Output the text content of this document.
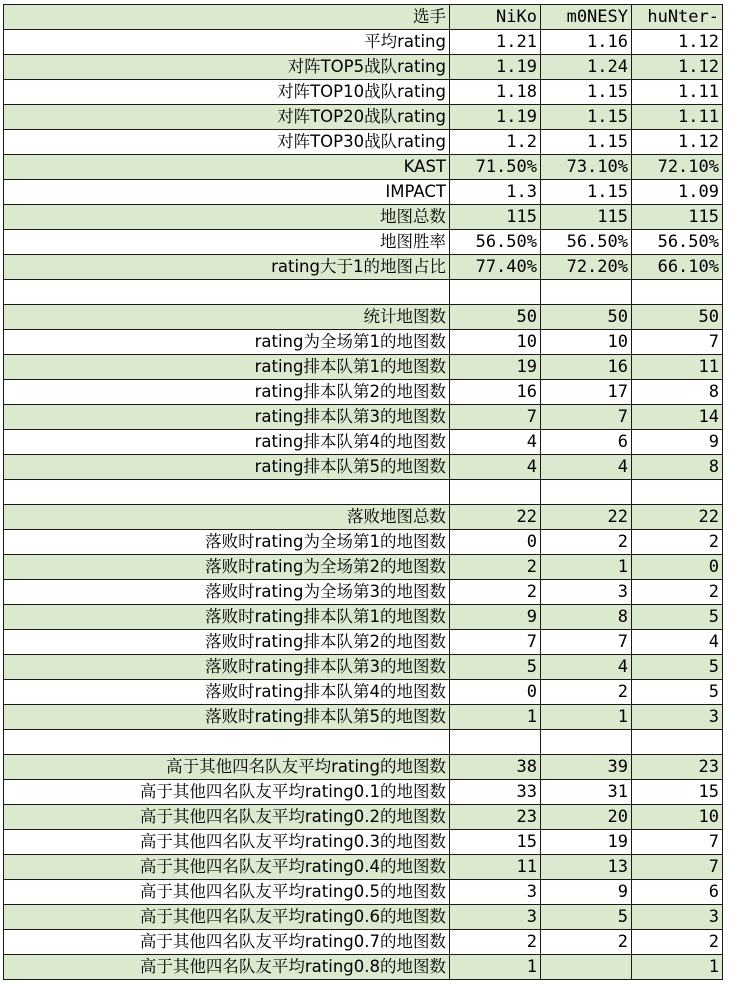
选手	NiKo	m0NESY	huNter-
平均rating	1.21	1.16	1.12
对阵TOP5战队rating	1.19	1.24	1.12
对阵TOP10战队rating	1.18	1.15	1.11
对阵TOP20战队rating	1.19	1.15	1.11
对阵TOP30战队rating	1.2	1.15	1.12
KAST	71.50%	73.10%	72.10%
IMPACT	1.3	1.15	1.09
地图总数	115	115	115
地图胜率	56.50%	56.50%	56.50%
rating大于1的地图占比	77.40%	72.20%	66.10%

统计地图数	50	50	50
rating为全场第1的地图数	10	10	7
rating排本队第1的地图数	19	16	11
rating排本队第2的地图数	16	17	8
rating排本队第3的地图数	7	7	14
rating排本队第4的地图数	4	6	9
rating排本队第5的地图数	4	4	8

落败地图总数	22	22	22
落败时rating为全场第1的地图数	0	2	2
落败时rating为全场第2的地图数	2	1	0
落败时rating为全场第3的地图数	2	3	2
落败时rating排本队第1的地图数	9	8	5
落败时rating排本队第2的地图数	7	7	4
落败时rating排本队第3的地图数	5	4	5
落败时rating排本队第4的地图数	0	2	5
落败时rating排本队第5的地图数	1	1	3

高于其他四名队友平均rating的地图数	38	39	23
高于其他四名队友平均rating0.1的地图数	33	31	15
高于其他四名队友平均rating0.2的地图数	23	20	10
高于其他四名队友平均rating0.3的地图数	15	19	7
高于其他四名队友平均rating0.4的地图数	11	13	7
高于其他四名队友平均rating0.5的地图数	3	9	6
高于其他四名队友平均rating0.6的地图数	3	5	3
高于其他四名队友平均rating0.7的地图数	2	2	2
高于其他四名队友平均rating0.8的地图数	1		1
